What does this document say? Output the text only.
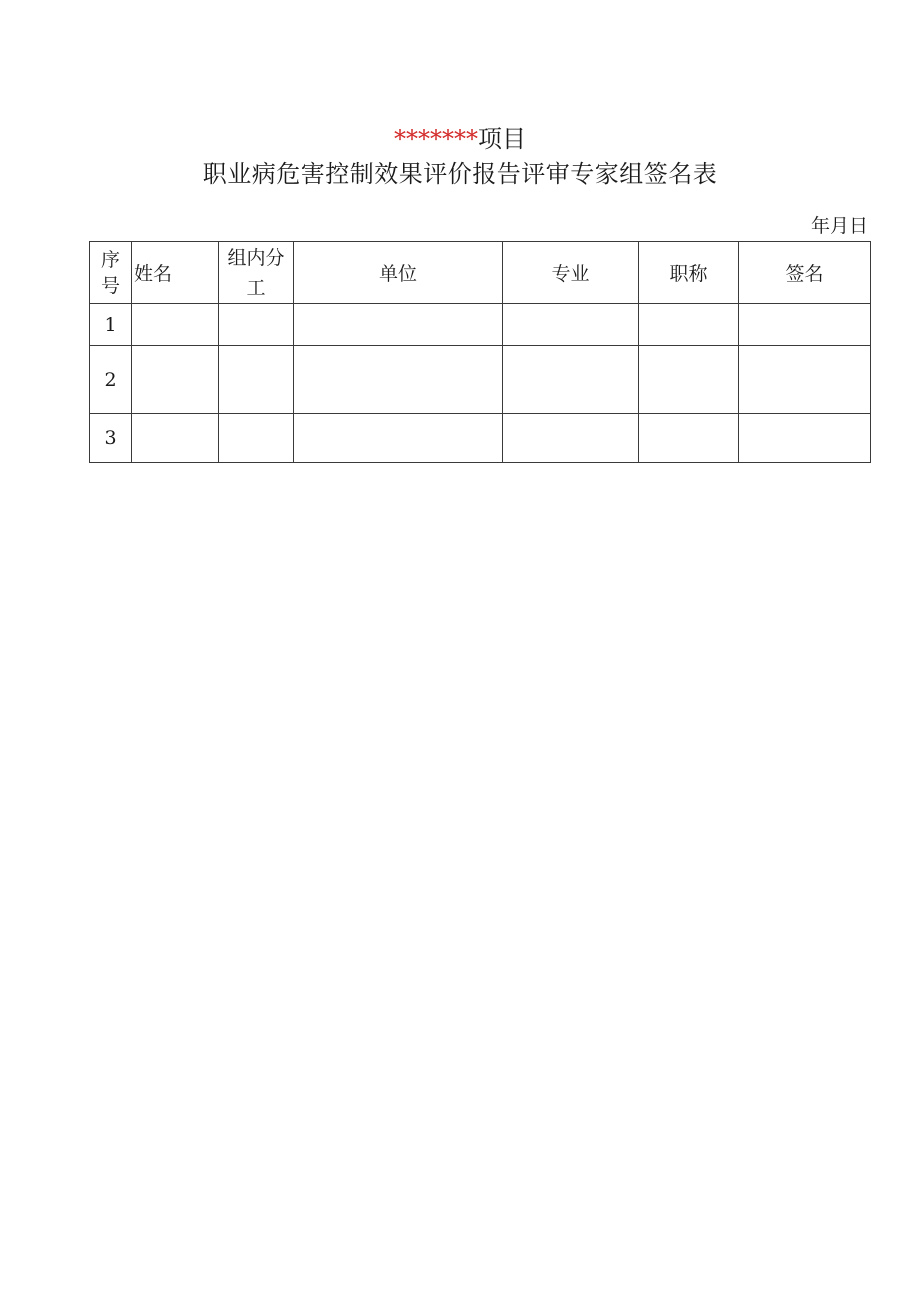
*******项目
职业病危害控制效果评价报告评审专家组签名表
年月日
序号	姓名	组内分工	单位	专业	职称	签名
1						
2						
3						
